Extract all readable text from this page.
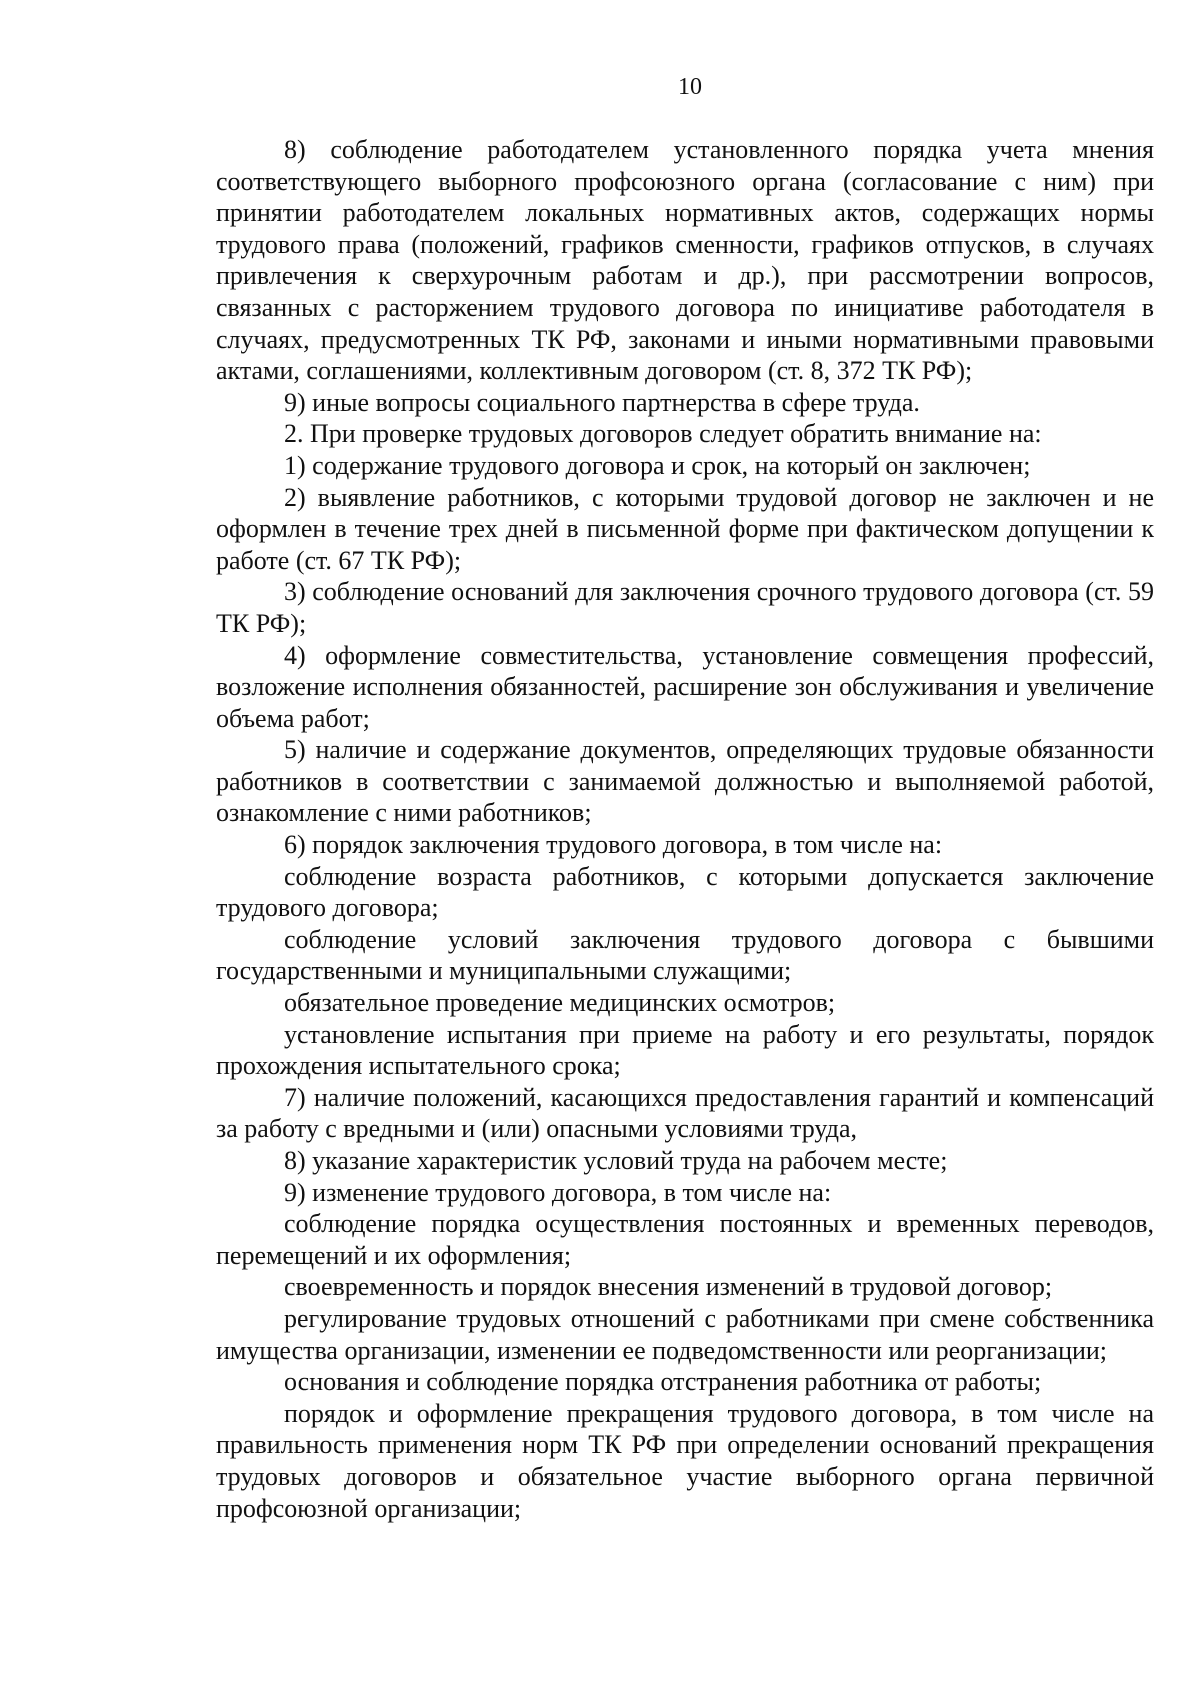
10

8) соблюдение работодателем установленного порядка учета мнения соответствующего выборного профсоюзного органа (согласование с ним) при принятии работодателем локальных нормативных актов, содержащих нормы трудового права (положений, графиков сменности, графиков отпусков, в случаях привлечения к сверхурочным работам и др.), при рассмотрении вопросов, связанных с расторжением трудового договора по инициативе работодателя в случаях, предусмотренных ТК РФ, законами и иными нормативными правовыми актами, соглашениями, коллективным договором (ст. 8, 372 ТК РФ);

9) иные вопросы социального партнерства в сфере труда.

2. При проверке трудовых договоров следует обратить внимание на:

1) содержание трудового договора и срок, на который он заключен;

2) выявление работников, с которыми трудовой договор не заключен и не оформлен в течение трех дней в письменной форме при фактическом допущении к работе (ст. 67 ТК РФ);

3) соблюдение оснований для заключения срочного трудового договора (ст. 59 ТК РФ);

4) оформление совместительства, установление совмещения профессий, возложение исполнения обязанностей, расширение зон обслуживания и увеличение объема работ;

5) наличие и содержание документов, определяющих трудовые обязанности работников в соответствии с занимаемой должностью и выполняемой работой, ознакомление с ними работников;

6) порядок заключения трудового договора, в том числе на:

соблюдение возраста работников, с которыми допускается заключение трудового договора;

соблюдение условий заключения трудового договора с бывшими государственными и муниципальными служащими;

обязательное проведение медицинских осмотров;

установление испытания при приеме на работу и его результаты, порядок прохождения испытательного срока;

7) наличие положений, касающихся предоставления гарантий и компенсаций за работу с вредными и (или) опасными условиями труда,

8) указание характеристик условий труда на рабочем месте;

9) изменение трудового договора, в том числе на:

соблюдение порядка осуществления постоянных и временных переводов, перемещений и их оформления;

своевременность и порядок внесения изменений в трудовой договор;

регулирование трудовых отношений с работниками при смене собственника имущества организации, изменении ее подведомственности или реорганизации;

основания и соблюдение порядка отстранения работника от работы;

порядок и оформление прекращения трудового договора, в том числе на правильность применения норм ТК РФ при определении оснований прекращения трудовых договоров и обязательное участие выборного органа первичной профсоюзной организации;
